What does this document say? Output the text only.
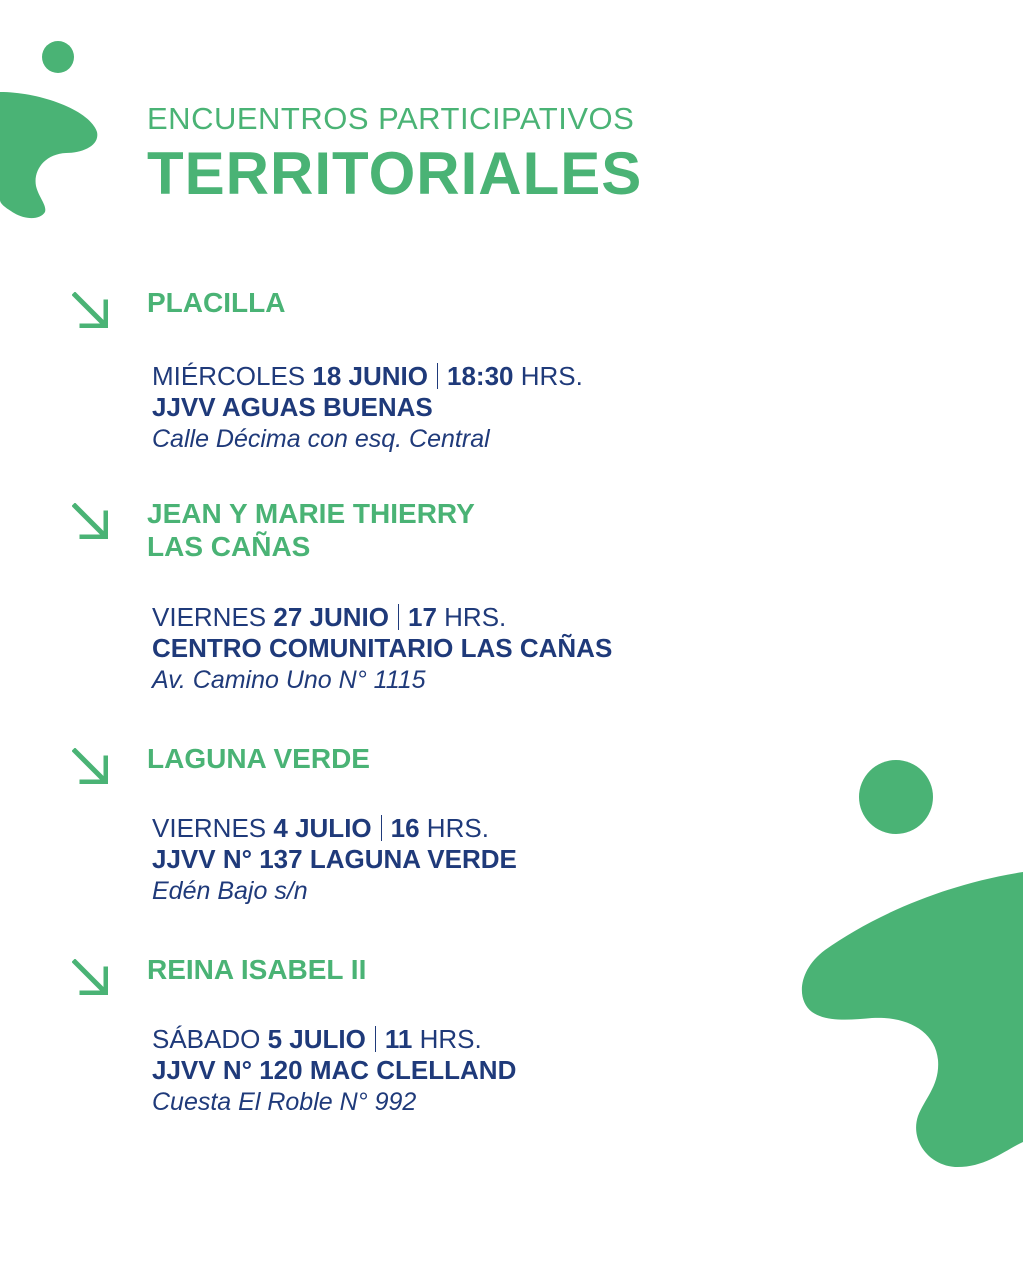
ENCUENTROS PARTICIPATIVOS
TERRITORIALES
PLACILLA
MIÉRCOLES 18 JUNIO 18:30 HRS.
JJVV AGUAS BUENAS
Calle Décima con esq. Central
JEAN Y MARIE THIERRY
LAS CAÑAS
VIERNES 27 JUNIO 17 HRS.
CENTRO COMUNITARIO LAS CAÑAS
Av. Camino Uno N° 1115
LAGUNA VERDE
VIERNES 4 JULIO 16 HRS.
JJVV N° 137 LAGUNA VERDE
Edén Bajo s/n
REINA ISABEL II
SÁBADO 5 JULIO 11 HRS.
JJVV N° 120 MAC CLELLAND
Cuesta El Roble N° 992
